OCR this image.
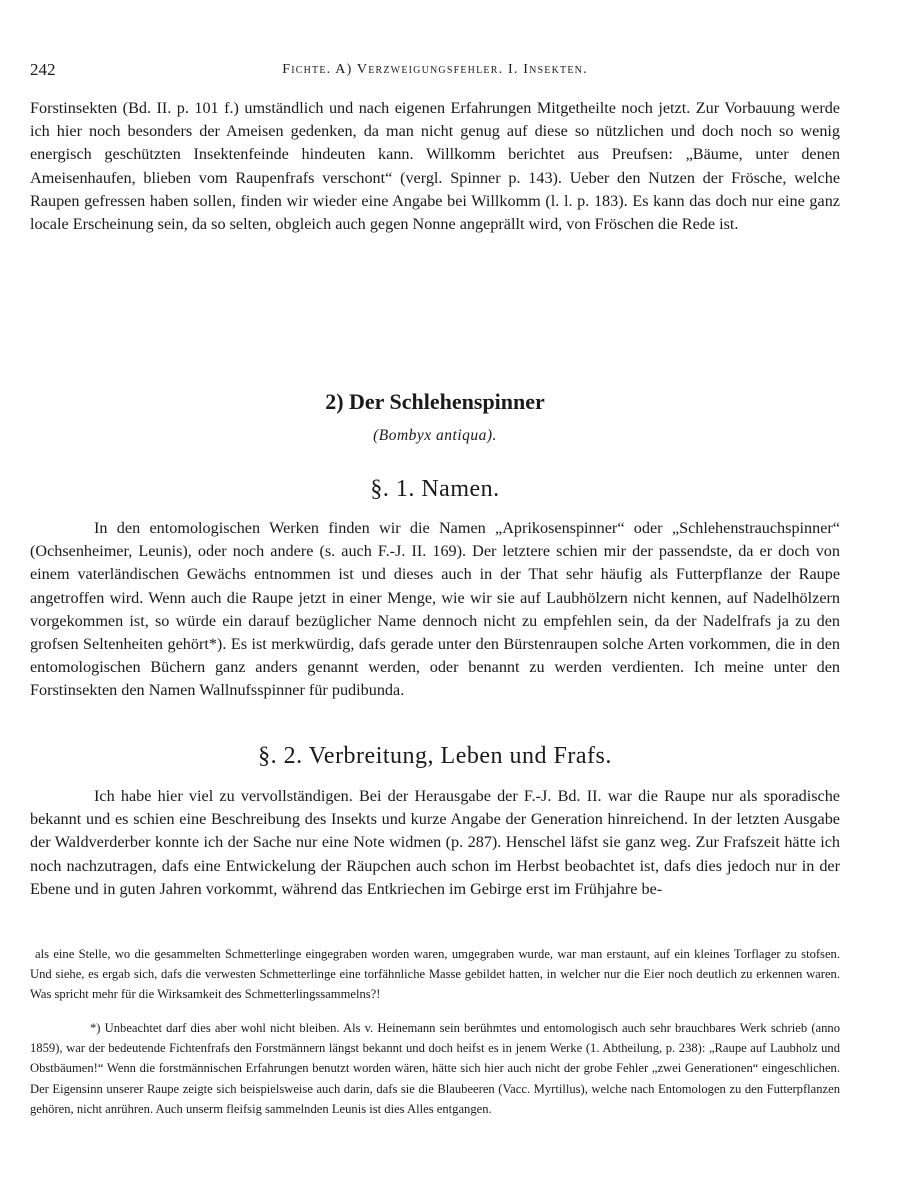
242	Fichte. A) Verzweigungsfehler. I. Insekten.

Forstinsekten (Bd. II. p. 101 f.) umständlich und nach eigenen Erfahrungen Mitgetheilte noch jetzt. Zur Vorbauung werde ich hier noch besonders der Ameisen gedenken, da man nicht genug auf diese so nützlichen und doch noch so wenig energisch geschützten Insektenfeinde hindeuten kann. Willkomm berichtet aus Preufsen: „Bäume, unter denen Ameisenhaufen, blieben vom Raupenfrafs verschont“ (vergl. Spinner p. 143). Ueber den Nutzen der Frösche, welche Raupen gefressen haben sollen, finden wir wieder eine Angabe bei Willkomm (l. l. p. 183). Es kann das doch nur eine ganz locale Erscheinung sein, da so selten, obgleich auch gegen Nonne angeprällt wird, von Fröschen die Rede ist.

2) Der Schlehenspinner
(Bombyx antiqua).
§. 1. Namen.

In den entomologischen Werken finden wir die Namen „Aprikosenspinner“ oder „Schlehenstrauchspinner“ (Ochsenheimer, Leunis), oder noch andere (s. auch F.-J. II. 169). Der letztere schien mir der passendste, da er doch von einem vaterländischen Gewächs entnommen ist und dieses auch in der That sehr häufig als Futterpflanze der Raupe angetroffen wird. Wenn auch die Raupe jetzt in einer Menge, wie wir sie auf Laubhölzern nicht kennen, auf Nadelhölzern vorgekommen ist, so würde ein darauf bezüglicher Name dennoch nicht zu empfehlen sein, da der Nadelfrafs ja zu den grofsen Seltenheiten gehört*). Es ist merkwürdig, dafs gerade unter den Bürstenraupen solche Arten vorkommen, die in den entomologischen Büchern ganz anders genannt werden, oder benannt zu werden verdienten. Ich meine unter den Forstinsekten den Namen Wallnufsspinner für pudibunda.

§. 2. Verbreitung, Leben und Frafs.

Ich habe hier viel zu vervollständigen. Bei der Herausgabe der F.-J. Bd. II. war die Raupe nur als sporadische bekannt und es schien eine Beschreibung des Insekts und kurze Angabe der Generation hinreichend. In der letzten Ausgabe der Waldverderber konnte ich der Sache nur eine Note widmen (p. 287). Henschel läfst sie ganz weg. Zur Frafszeit hätte ich noch nachzutragen, dafs eine Entwickelung der Räupchen auch schon im Herbst beobachtet ist, dafs dies jedoch nur in der Ebene und in guten Jahren vorkommt, während das Entkriechen im Gebirge erst im Frühjahre be-

als eine Stelle, wo die gesammelten Schmetterlinge eingegraben worden waren, umgegraben wurde, war man erstaunt, auf ein kleines Torflager zu stofsen. Und siehe, es ergab sich, dafs die verwesten Schmetterlinge eine torfähnliche Masse gebildet hatten, in welcher nur die Eier noch deutlich zu erkennen waren. Was spricht mehr für die Wirksamkeit des Schmetterlingssammelns?!

*) Unbeachtet darf dies aber wohl nicht bleiben. Als v. Heinemann sein berühmtes und entomologisch auch sehr brauchbares Werk schrieb (anno 1859), war der bedeutende Fichtenfrafs den Forstmännern längst bekannt und doch heifst es in jenem Werke (1. Abtheilung, p. 238): „Raupe auf Laubholz und Obstbäumen!“ Wenn die forstmännischen Erfahrungen benutzt worden wären, hätte sich hier auch nicht der grobe Fehler „zwei Generationen“ eingeschlichen. Der Eigensinn unserer Raupe zeigte sich beispielsweise auch darin, dafs sie die Blaubeeren (Vacc. Myrtillus), welche nach Entomologen zu den Futterpflanzen gehören, nicht anrühren. Auch unserm fleifsig sammelnden Leunis ist dies Alles entgangen.
